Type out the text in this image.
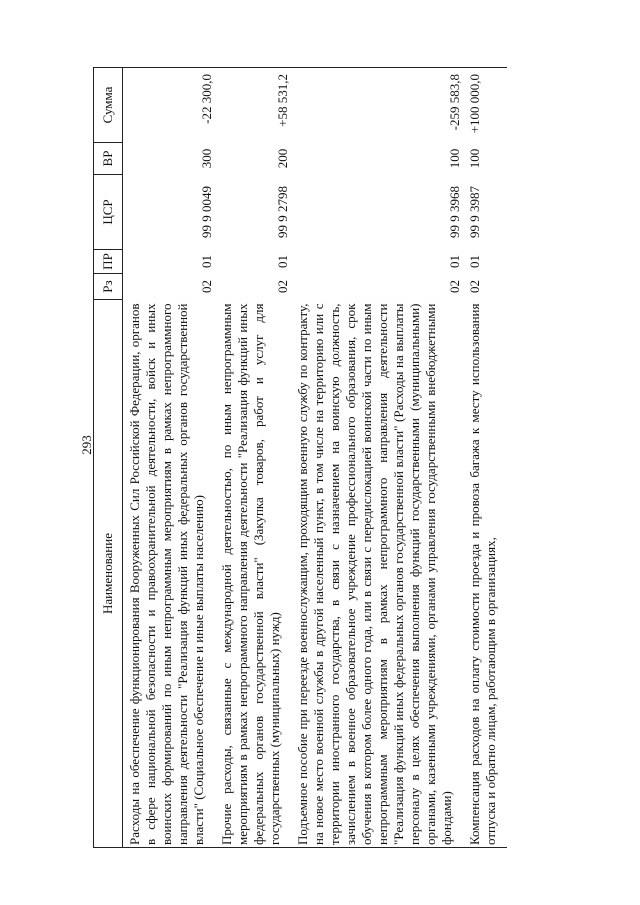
293
Наименование	Рз	ПР	ЦСР	ВР	Сумма
Расходы на обеспечение функционирования Вооруженных Сил Российской Федерации, органов в сфере национальной безопасности и правоохранительной деятельности, войск и иных воинских формирований по иным непрограммным мероприятиям в рамках непрограммного направления деятельности "Реализация функций иных федеральных органов государственной власти" (Социальное обеспечение и иные выплаты населению)	02	01	99 9 0049	300	-22 300,0
Прочие расходы, связанные с международной деятельностью, по иным непрограммным мероприятиям в рамках непрограммного направления деятельности "Реализация функций иных федеральных органов государственной власти" (Закупка товаров, работ и услуг для государственных (муниципальных) нужд)	02	01	99 9 2798	200	+58 531,2
Подъемное пособие при переезде военнослужащим, проходящим военную службу по контракту, на новое место военной службы в другой населенный пункт, в том числе на территорию или с территории иностранного государства, в связи с назначением на воинскую должность, зачислением в военное образовательное учреждение профессионального образования, срок обучения в котором более одного года, или в связи с передислокацией воинской части по иным непрограммным мероприятиям в рамках непрограммного направления деятельности "Реализация функций иных федеральных органов государственной власти" (Расходы на выплаты персоналу в целях обеспечения выполнения функций государственными (муниципальными) органами, казенными учреждениями, органами управления государственными внебюджетными фондами)	02	01	99 9 3968	100	-259 583,8
Компенсация расходов на оплату стоимости проезда и провоза багажа к месту использования отпуска и обратно лицам, работающим в организациях,	02	01	99 9 3987	100	+100 000,0
